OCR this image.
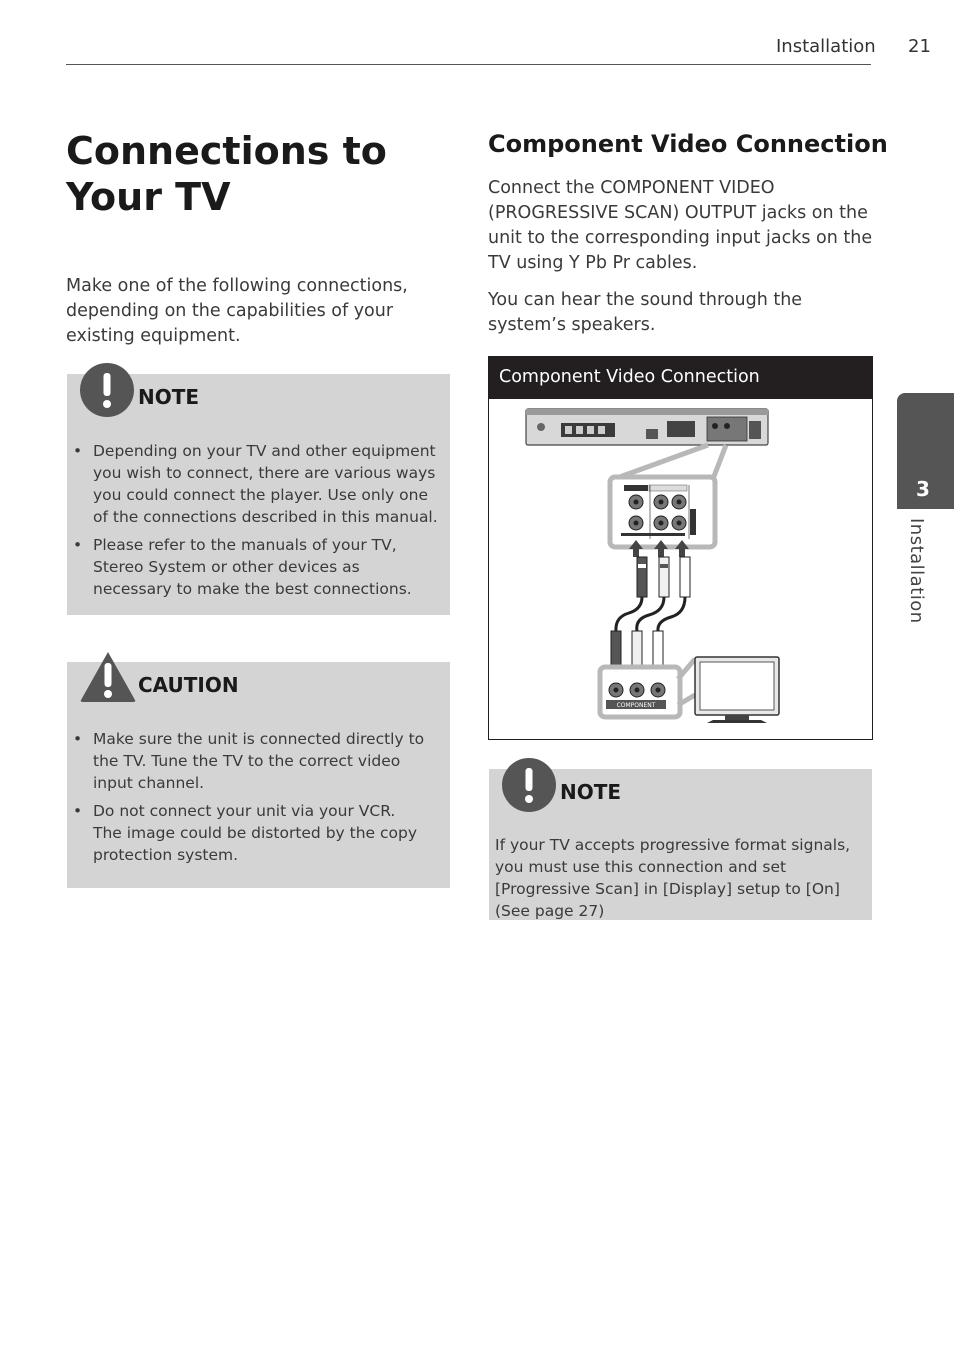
Installation 21
Connections to Your TV

Make one of the following connections, depending on the capabilities of your existing equipment.

NOTE
• Depending on your TV and other equipment you wish to connect, there are various ways you could connect the player. Use only one of the connections described in this manual.
• Please refer to the manuals of your TV, Stereo System or other devices as necessary to make the best connections.
CAUTION
• Make sure the unit is connected directly to the TV. Tune the TV to the correct video input channel.
• Do not connect your unit via your VCR. The image could be distorted by the copy protection system.
Component Video Connection

Connect the COMPONENT VIDEO (PROGRESSIVE SCAN) OUTPUT jacks on the unit to the corresponding input jacks on the TV using Y Pb Pr cables.

You can hear the sound through the system’s speakers.

Component Video Connection
COMPONENT
NOTE

If your TV accepts progressive format signals, you must use this connection and set [Progressive Scan] in [Display] setup to [On] (See page 27)

3
Installation
